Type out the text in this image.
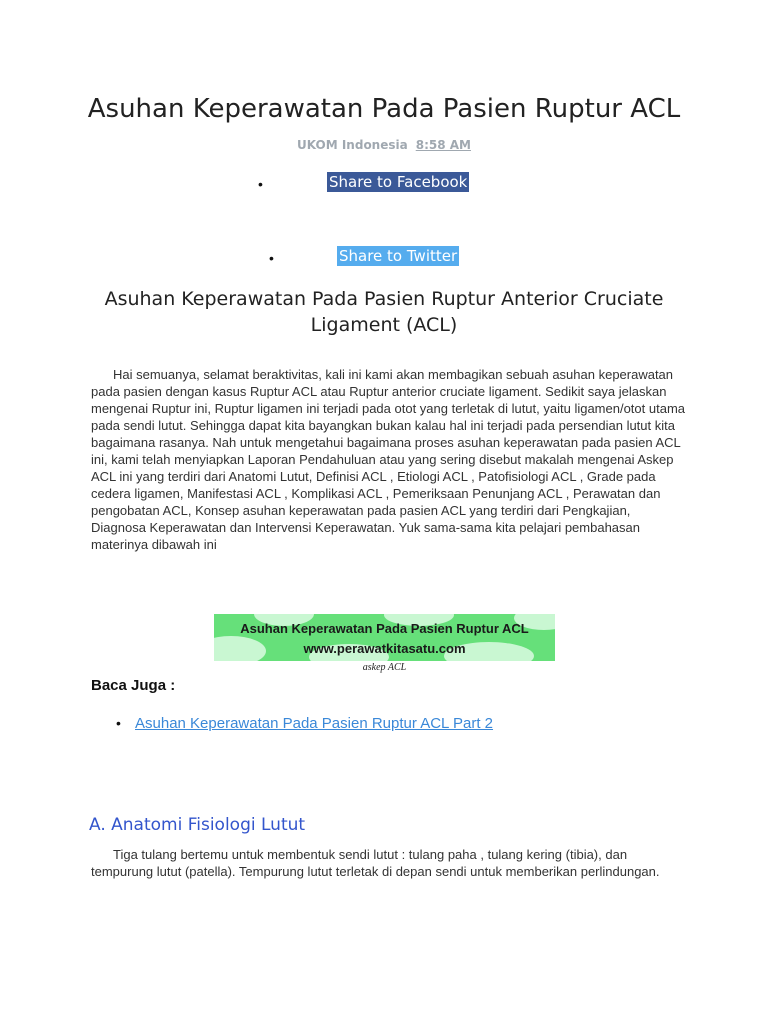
Asuhan Keperawatan Pada Pasien Ruptur ACL
UKOM Indonesia 8:58 AM
•	Share to Facebook
•	Share to Twitter
Asuhan Keperawatan Pada Pasien Ruptur Anterior Cruciate Ligament (ACL)

Hai semuanya, selamat beraktivitas, kali ini kami akan membagikan sebuah asuhan keperawatan pada pasien dengan kasus Ruptur ACL atau Ruptur anterior cruciate ligament. Sedikit saya jelaskan mengenai Ruptur ini, Ruptur ligamen ini terjadi pada otot yang terletak di lutut, yaitu ligamen/otot utama pada sendi lutut. Sehingga dapat kita bayangkan bukan kalau hal ini terjadi pada persendian lutut kita bagaimana rasanya. Nah untuk mengetahui bagaimana proses asuhan keperawatan pada pasien ACL ini, kami telah menyiapkan Laporan Pendahuluan atau yang sering disebut makalah mengenai Askep ACL ini yang terdiri dari Anatomi Lutut, Definisi ACL , Etiologi ACL , Patofisiologi ACL , Grade pada cedera ligamen, Manifestasi ACL , Komplikasi ACL , Pemeriksaan Penunjang ACL , Perawatan dan pengobatan ACL, Konsep asuhan keperawatan pada pasien ACL yang terdiri dari Pengkajian, Diagnosa Keperawatan dan Intervensi Keperawatan. Yuk sama-sama kita pelajari pembahasan materinya dibawah ini

Asuhan Keperawatan Pada Pasien Ruptur ACL
www.perawatkitasatu.com
askep ACL
Baca Juga :
• Asuhan Keperawatan Pada Pasien Ruptur ACL Part 2
A. Anatomi Fisiologi Lutut

Tiga tulang bertemu untuk membentuk sendi lutut : tulang paha , tulang kering (tibia), dan tempurung lutut (patella). Tempurung lutut terletak di depan sendi untuk memberikan perlindungan.
